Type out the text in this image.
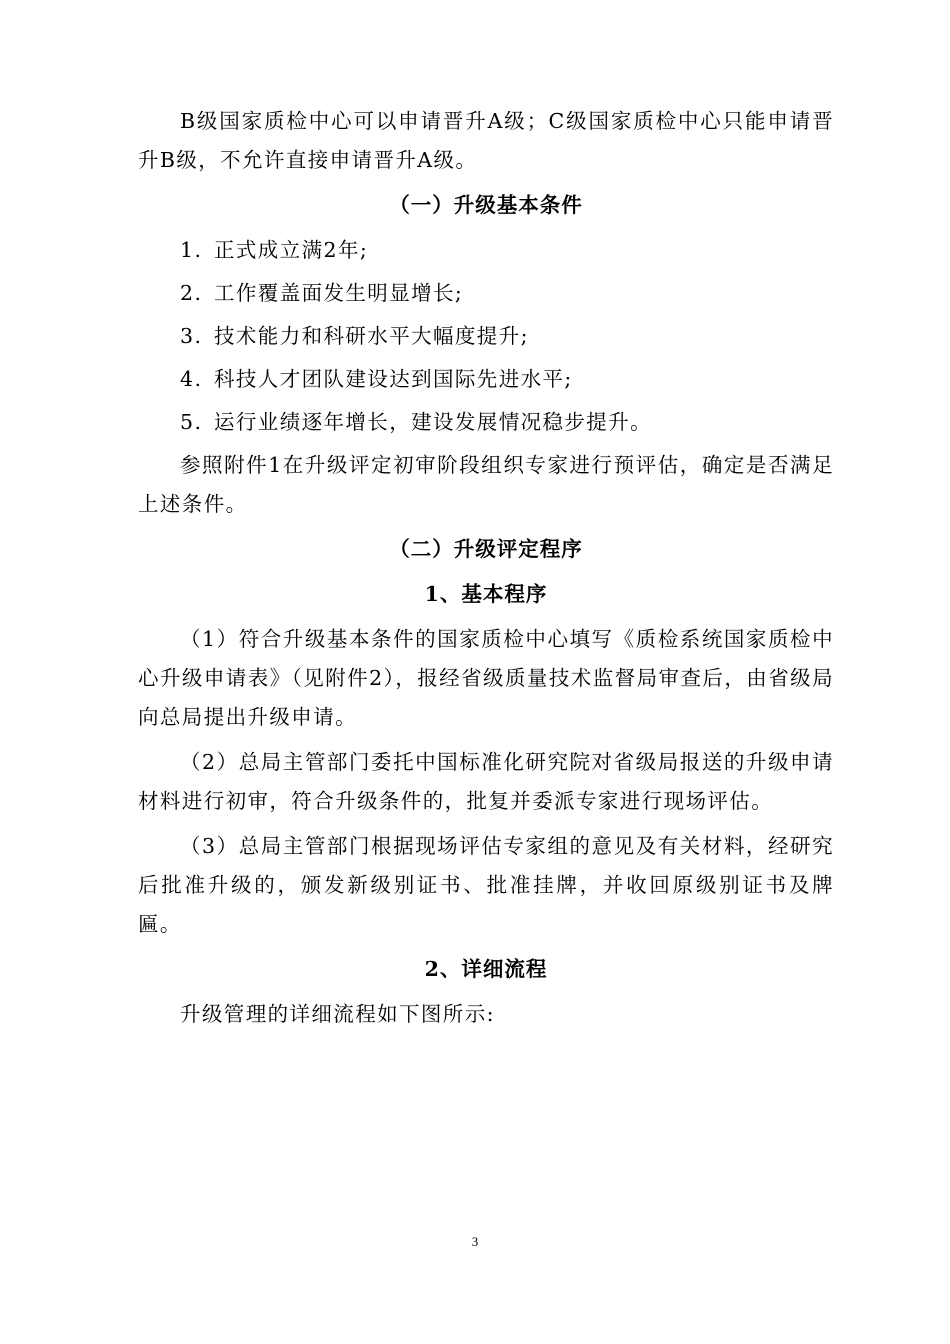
B级国家质检中心可以申请晋升A级；C级国家质检中心只能申请晋升B级，不允许直接申请晋升A级。

（一）升级基本条件
1. 正式成立满2年;
2. 工作覆盖面发生明显增长;
3. 技术能力和科研水平大幅度提升;
4. 科技人才团队建设达到国际先进水平;
5. 运行业绩逐年增长，建设发展情况稳步提升。

参照附件1在升级评定初审阶段组织专家进行预评估，确定是否满足上述条件。

（二）升级评定程序
1、基本程序

（1）符合升级基本条件的国家质检中心填写《质检系统国家质检中心升级申请表》（见附件2），报经省级质量技术监督局审查后，由省级局向总局提出升级申请。

（2）总局主管部门委托中国标准化研究院对省级局报送的升级申请材料进行初审，符合升级条件的，批复并委派专家进行现场评估。

（3）总局主管部门根据现场评估专家组的意见及有关材料，经研究后批准升级的，颁发新级别证书、批准挂牌，并收回原级别证书及牌匾。

2、详细流程

升级管理的详细流程如下图所示:

3
